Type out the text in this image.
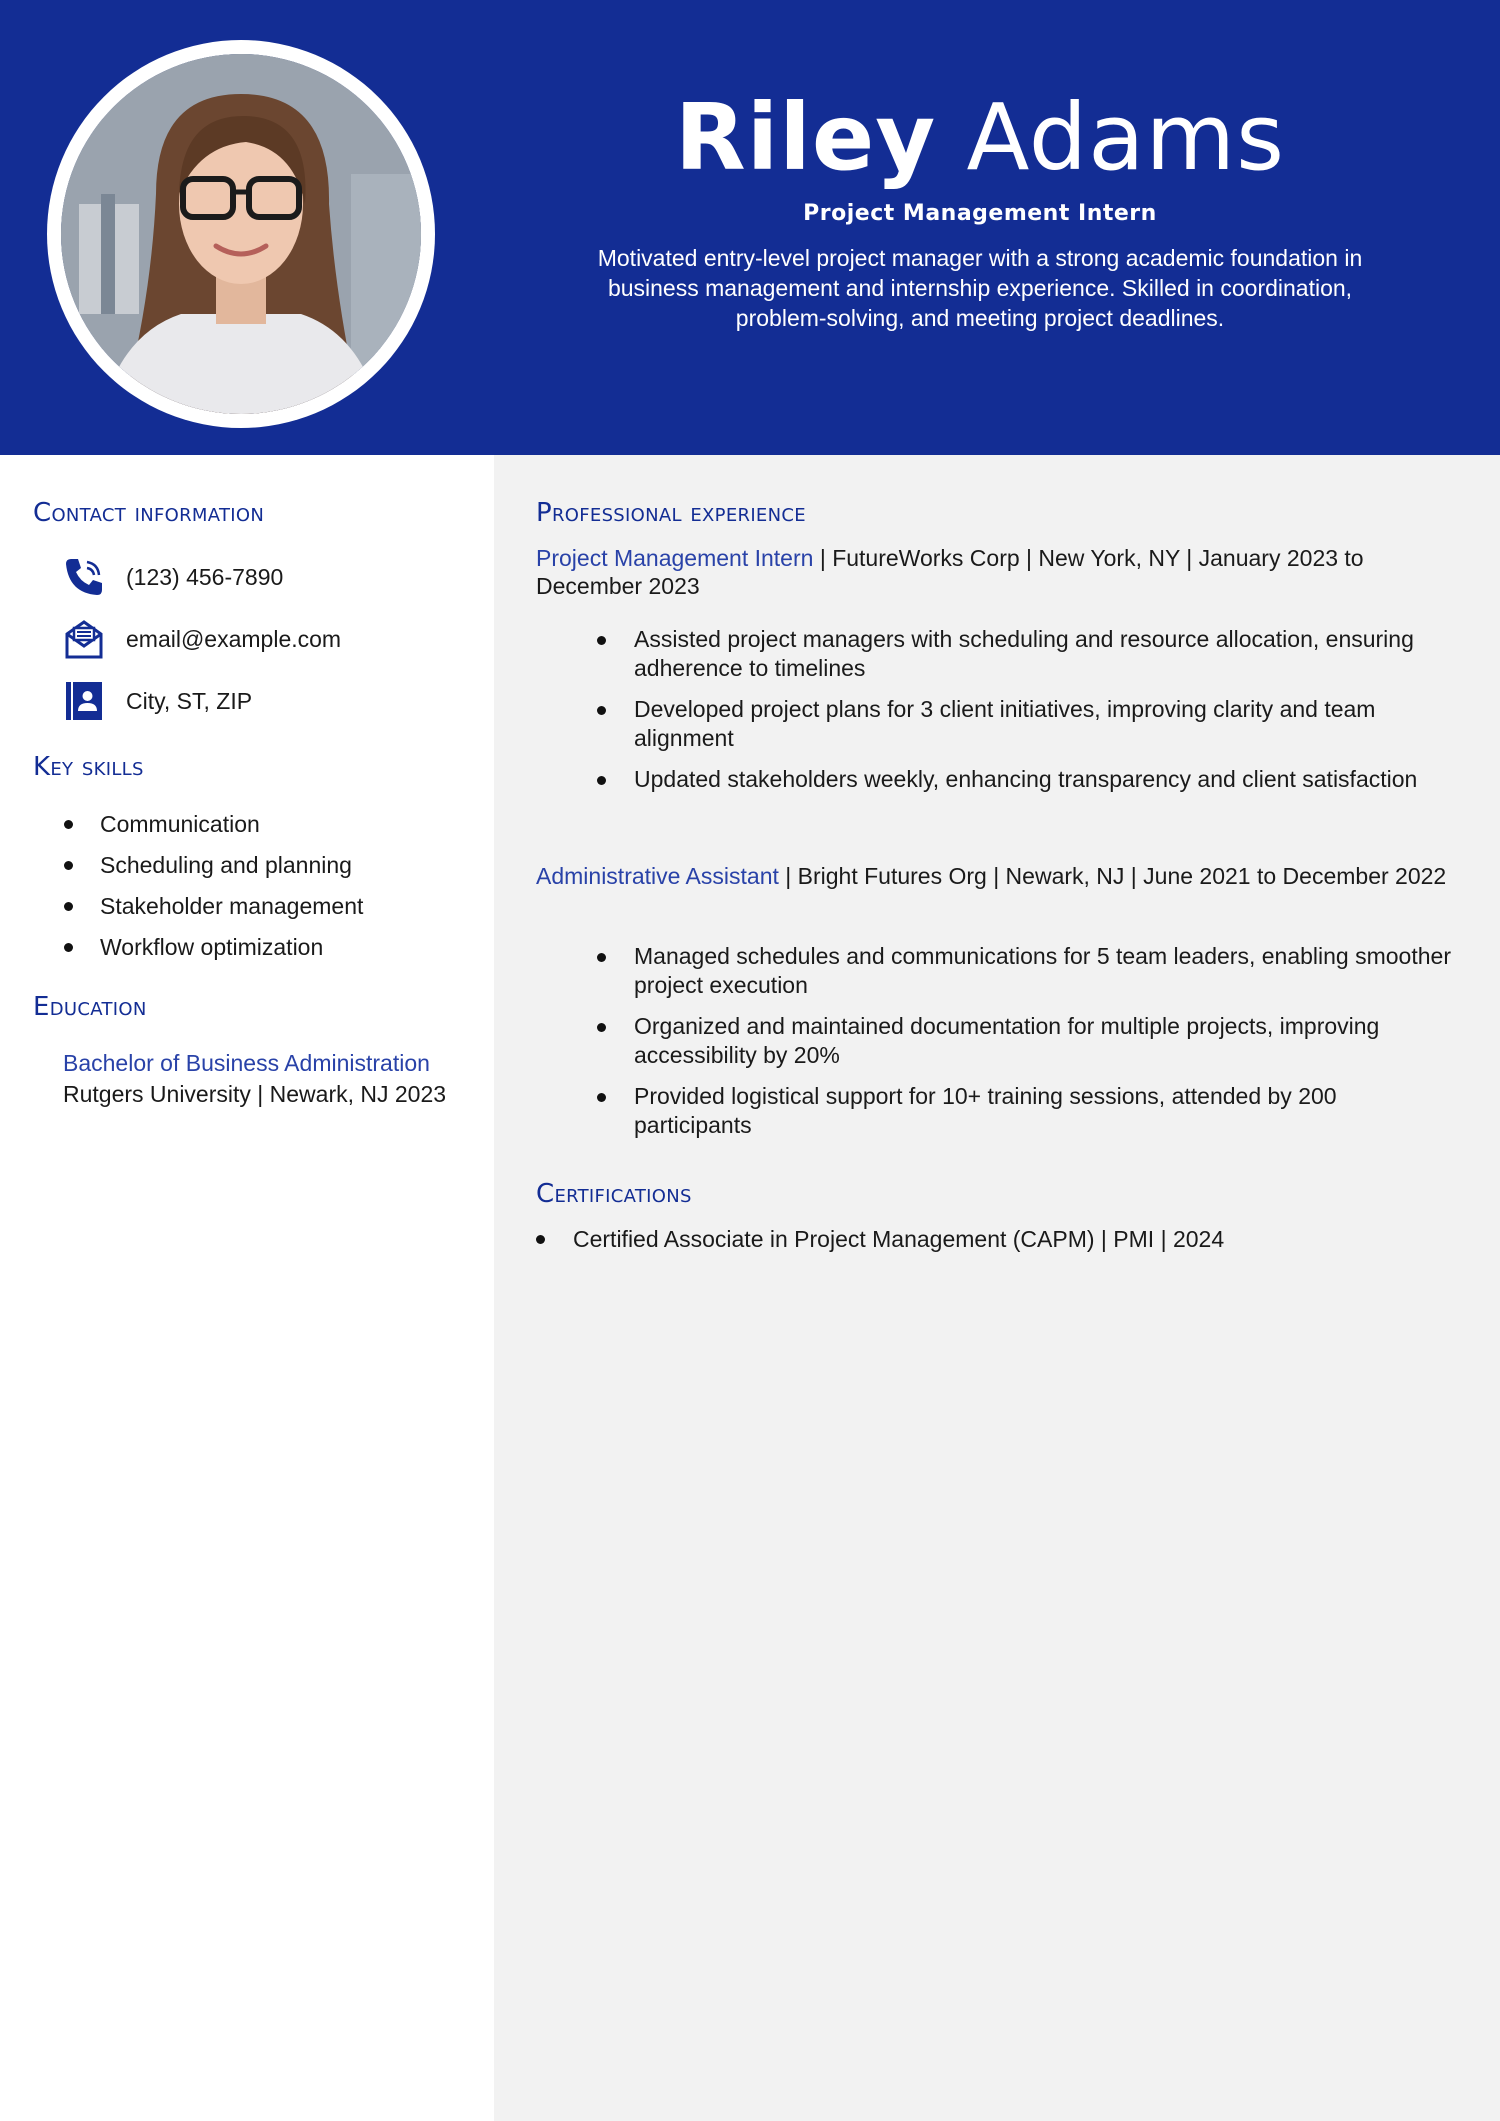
Riley Adams
Project Management Intern
Motivated entry-level project manager with a strong academic foundation in business management and internship experience. Skilled in coordination, problem-solving, and meeting project deadlines.
Contact information
(123) 456-7890
email@example.com
City, ST, ZIP
Key skills
Communication
Scheduling and planning
Stakeholder management
Workflow optimization
Education
Bachelor of Business Administration
Rutgers University | Newark, NJ 2023
Professional experience
Project Management Intern | FutureWorks Corp | New York, NY | January 2023 to December 2023
Assisted project managers with scheduling and resource allocation, ensuring adherence to timelines
Developed project plans for 3 client initiatives, improving clarity and team alignment
Updated stakeholders weekly, enhancing transparency and client satisfaction
Administrative Assistant | Bright Futures Org | Newark, NJ | June 2021 to December 2022
Managed schedules and communications for 5 team leaders, enabling smoother project execution
Organized and maintained documentation for multiple projects, improving accessibility by 20%
Provided logistical support for 10+ training sessions, attended by 200 participants
Certifications
Certified Associate in Project Management (CAPM) | PMI | 2024
